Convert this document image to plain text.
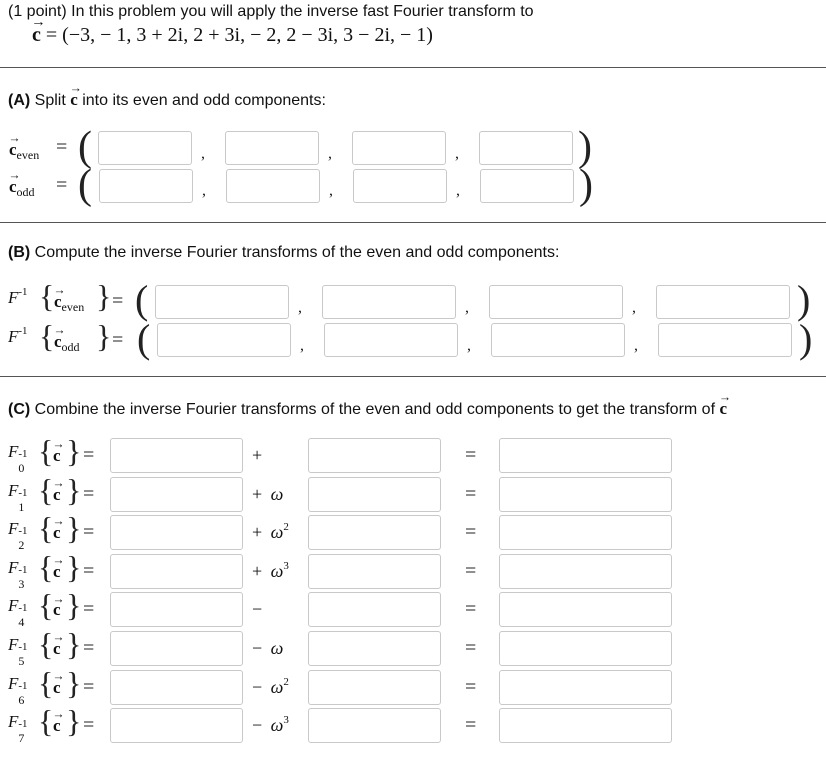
(1 point) In this problem you will apply the inverse fast Fourier transform to
→ c = (−3, − 1, 3 + 2i, 2 + 3i, − 2, 2 − 3i, 3 − 2i, − 1)
(A) Split → c into its even and odd components:
→ $c_{even}$ = (	,	,	,	)
→ $c_{odd}$ = (	,	,	,	)
(B) Compute the inverse Fourier transforms of the even and odd components:
$F^{-1}$ { → $c_{even}$ } = (	,	,	,	)
$F^{-1}$ { → $c_{odd}$ } = (	,	,	,	)
(C) Combine the inverse Fourier transforms of the even and odd components to get the transform of → c
F -1
0 { → c } =	+	=
F -1
1 { → c } =	+ ω	=
F -1
2 { → c } =	+ $\omega^2$	=
F -1
3 { → c } =	+ $\omega^3$	=
F -1
4 { → c } =	−	=
F -1
5 { → c } =	− ω	=
F -1
6 { → c } =	− $\omega^2$	=
F -1
7 { → c } =	− $\omega^3$	=
